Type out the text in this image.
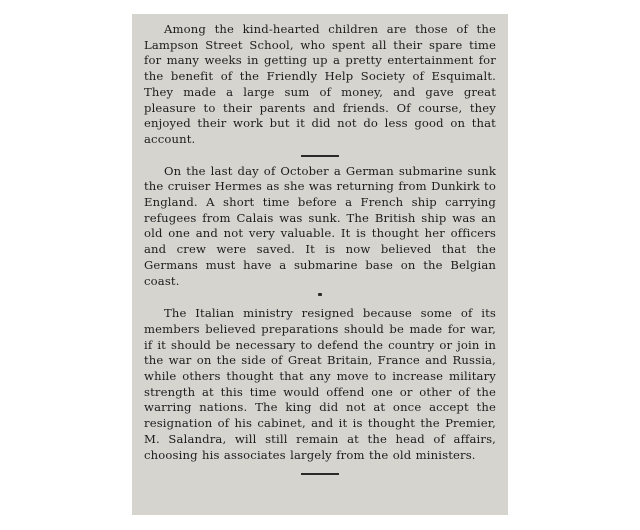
Among the kind-hearted children are those of the Lampson Street School, who spent all their spare time for many weeks in getting up a pretty entertainment for the benefit of the Friendly Help Society of Esquimalt. They made a large sum of money, and gave great pleasure to their parents and friends. Of course, they enjoyed their work but it did not do less good on that account.

On the last day of October a German submarine sunk the cruiser Hermes as she was returning from Dunkirk to England. A short time before a French ship carrying refugees from Calais was sunk. The British ship was an old one and not very valuable. It is thought her officers and crew were saved. It is now believed that the Germans must have a submarine base on the Belgian coast.

The Italian ministry resigned because some of its members believed preparations should be made for war, if it should be necessary to defend the country or join in the war on the side of Great Britain, France and Russia, while others thought that any move to increase military strength at this time would offend one or other of the warring nations. The king did not at once accept the resignation of his cabinet, and it is thought the Premier, M. Salandra, will still remain at the head of affairs, choosing his associates largely from the old ministers.
